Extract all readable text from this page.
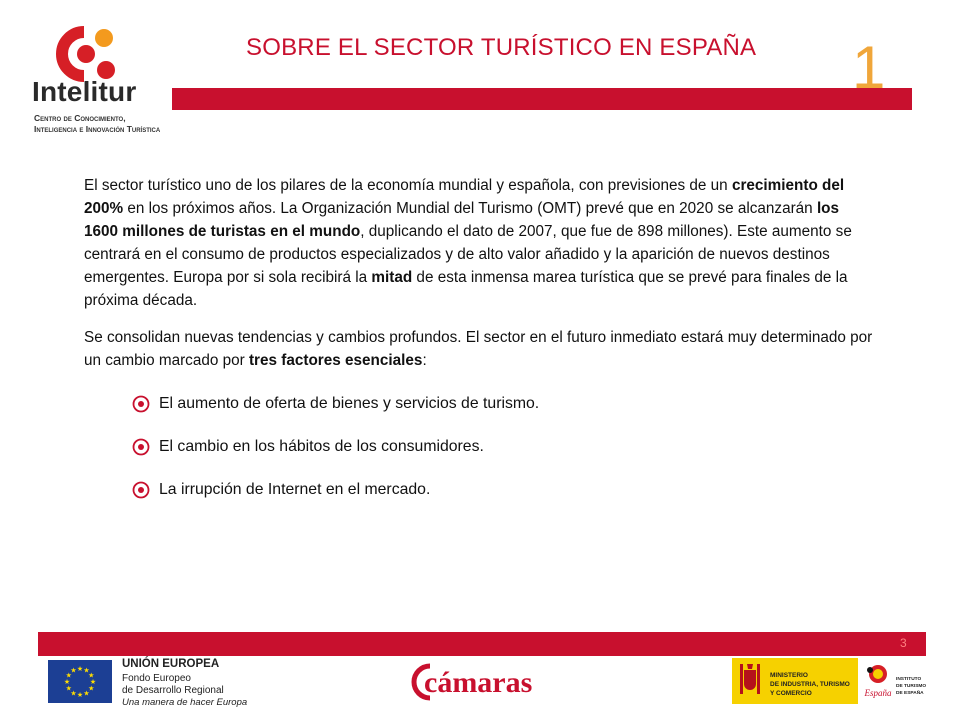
Intelitur
Centro de Conocimiento,
Inteligencia e Innovación Turística
SOBRE EL SECTOR TURÍSTICO EN ESPAÑA 1

El sector turístico uno de los pilares de la economía mundial y española, con previsiones de un crecimiento del 200% en los próximos años. La Organización Mundial del Turismo (OMT) prevé que en 2020 se alcanzarán los 1600 millones de turistas en el mundo, duplicando el dato de 2007, que fue de 898 millones). Este aumento se centrará en el consumo de productos especializados y de alto valor añadido y la aparición de nuevos destinos emergentes. Europa por si sola recibirá la mitad de esta inmensa marea turística que se prevé para finales de la próxima década.

Se consolidan nuevas tendencias y cambios profundos. El sector en el futuro inmediato estará muy determinado por un cambio marcado por tres factores esenciales:

El aumento de oferta de bienes y servicios de turismo.
El cambio en los hábitos de los consumidores.
La irrupción de Internet en el mercado.
3
★
★
★
★
★
★
★
★
★ ★ ★
★
UNIÓN EUROPEA
Fondo Europeo
de Desarrollo Regional
Una manera de hacer Europa
cámaras	MINISTERIO
DE INDUSTRIA, TURISMO
Y COMERCIO	España
INSTITUTO
DE TURISMO
DE ESPAÑA
